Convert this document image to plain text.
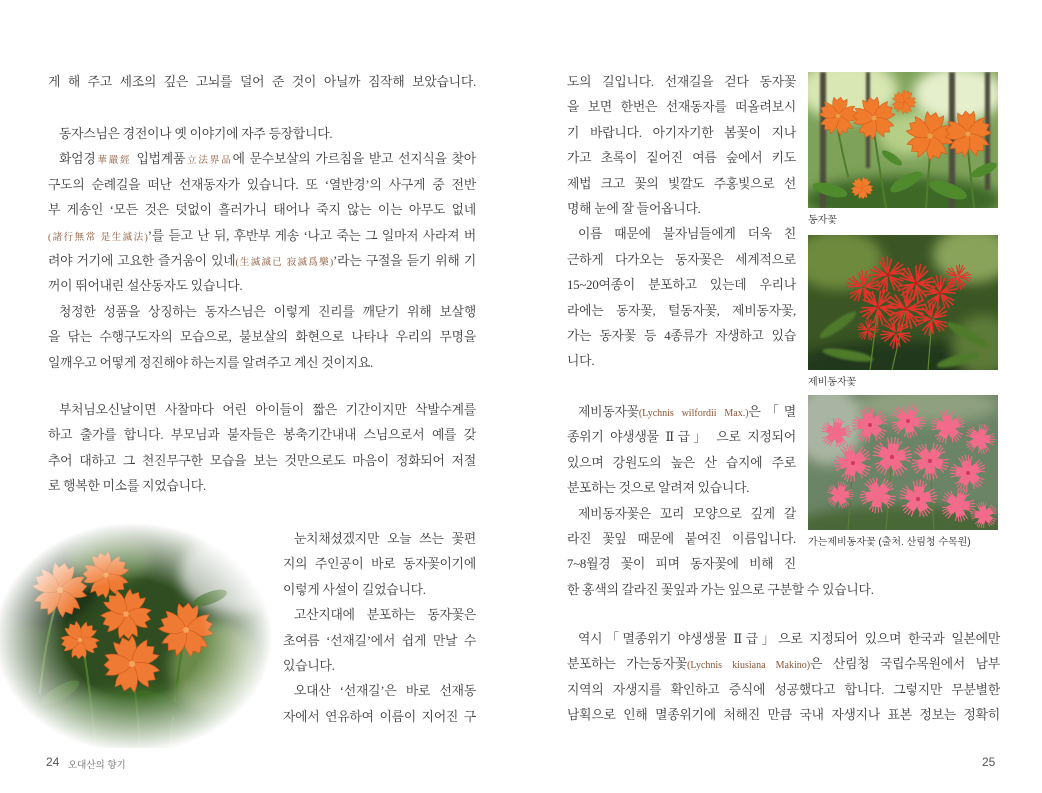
게 해 주고 세조의 깊은 고뇌를 덜어 준 것이 아닐까 짐작해 보았습니다.
동자스님은 경전이나 옛 이야기에 자주 등장합니다.
화엄경華嚴經 입법계품立法界品에 문수보살의 가르침을 받고 선지식을 찾아
구도의 순례길을 떠난 선재동자가 있습니다. 또 ‘열반경’의 사구게 중 전반
부 게송인 ‘모든 것은 덧없이 흘러가니 태어나 죽지 않는 이는 아무도 없네
(諸行無常 是生滅法)’를 듣고 난 뒤, 후반부 게송 ‘나고 죽는 그 일마저 사라져 버
려야 거기에 고요한 즐거움이 있네(生滅滅已 寂滅爲樂)’라는 구절을 듣기 위해 기
꺼이 뛰어내린 설산동자도 있습니다.
청정한 성품을 상징하는 동자스님은 이렇게 진리를 깨닫기 위해 보살행
을 닦는 수행구도자의 모습으로, 불보살의 화현으로 나타나 우리의 무명을
일깨우고 어떻게 정진해야 하는지를 알려주고 계신 것이지요.
부처님오신날이면 사찰마다 어린 아이들이 짧은 기간이지만 삭발수계를
하고 출가를 합니다. 부모님과 불자들은 봉축기간내내 스님으로서 예를 갖
추어 대하고 그 천진무구한 모습을 보는 것만으로도 마음이 정화되어 저절
로 행복한 미소를 지었습니다.
눈치채셨겠지만 오늘 쓰는 꽃편
지의 주인공이 바로 동자꽃이기에
이렇게 사설이 길었습니다.
고산지대에 분포하는 동자꽃은
초여름 ‘선재길’에서 쉽게 만날 수
있습니다.
오대산 ‘선재길’은 바로 선재동
자에서 연유하여 이름이 지어진 구
24 오대산의 향기
도의 길입니다. 선재길을 걷다 동자꽃
을 보면 한번은 선재동자를 떠올려보시
기 바랍니다. 아기자기한 봄꽃이 지나
가고 초록이 짙어진 여름 숲에서 키도
제법 크고 꽃의 빛깔도 주홍빛으로 선
명해 눈에 잘 들어옵니다.
이름 때문에 불자님들에게 더욱 친
근하게 다가오는 동자꽃은 세계적으로
15~20여종이 분포하고 있는데 우리나
라에는 동자꽃, 털동자꽃, 제비동자꽃,
가는 동자꽃 등 4종류가 자생하고 있습
니다.
제비동자꽃(Lychnis wilfordii Max.)은「멸
종위기 야생생물 Ⅱ급」 으로 지정되어
있으며 강원도의 높은 산 습지에 주로
분포하는 것으로 알려져 있습니다.
제비동자꽃은 꼬리 모양으로 깊게 갈
라진 꽃잎 때문에 붙여진 이름입니다.
7~8월경 꽃이 피며 동자꽃에 비해 진
한 홍색의 갈라진 꽃잎과 가는 잎으로 구분할 수 있습니다.
역시「멸종위기 야생생물 Ⅱ급」으로 지정되어 있으며 한국과 일본에만
분포하는 가는동자꽃(Lychnis kiusiana Makino)은 산림청 국립수목원에서 남부
지역의 자생지를 확인하고 증식에 성공했다고 합니다. 그렇지만 무분별한
남획으로 인해 멸종위기에 처해진 만큼 국내 자생지나 표본 정보는 정확히
동자꽃
제비동자꽃
가는제비동자꽃 (출처. 산림청 수목원)
25
